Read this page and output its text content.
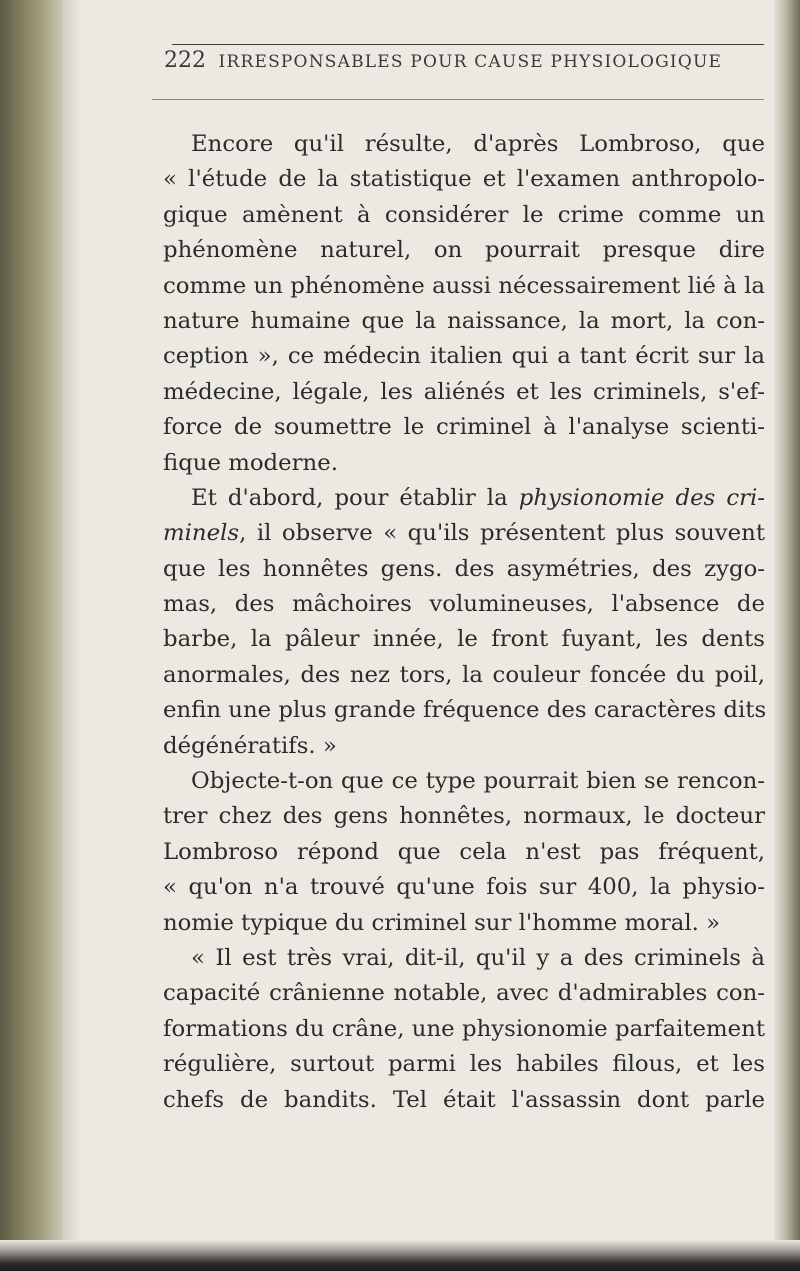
222 IRRESPONSABLES POUR CAUSE PHYSIOLOGIQUE
Encore qu'il résulte, d'après Lombroso, que
« l'étude de la statistique et l'examen anthropolo-
gique amènent à considérer le crime comme un
phénomène naturel, on pourrait presque dire
comme un phénomène aussi nécessairement lié à la
nature humaine que la naissance, la mort, la con-
ception », ce médecin italien qui a tant écrit sur la
médecine, légale, les aliénés et les criminels, s'ef-
force de soumettre le criminel à l'analyse scienti-
fique moderne.
Et d'abord, pour établir la physionomie des cri-
minels, il observe « qu'ils présentent plus souvent
que les honnêtes gens. des asymétries, des zygo-
mas, des mâchoires volumineuses, l'absence de
barbe, la pâleur innée, le front fuyant, les dents
anormales, des nez tors, la couleur foncée du poil,
enfin une plus grande fréquence des caractères dits
dégénératifs. »
Objecte-t-on que ce type pourrait bien se rencon-
trer chez des gens honnêtes, normaux, le docteur
Lombroso répond que cela n'est pas fréquent,
« qu'on n'a trouvé qu'une fois sur 400, la physio-
nomie typique du criminel sur l'homme moral. »
« Il est très vrai, dit-il, qu'il y a des criminels à
capacité crânienne notable, avec d'admirables con-
formations du crâne, une physionomie parfaitement
régulière, surtout parmi les habiles filous, et les
chefs de bandits. Tel était l'assassin dont parle
